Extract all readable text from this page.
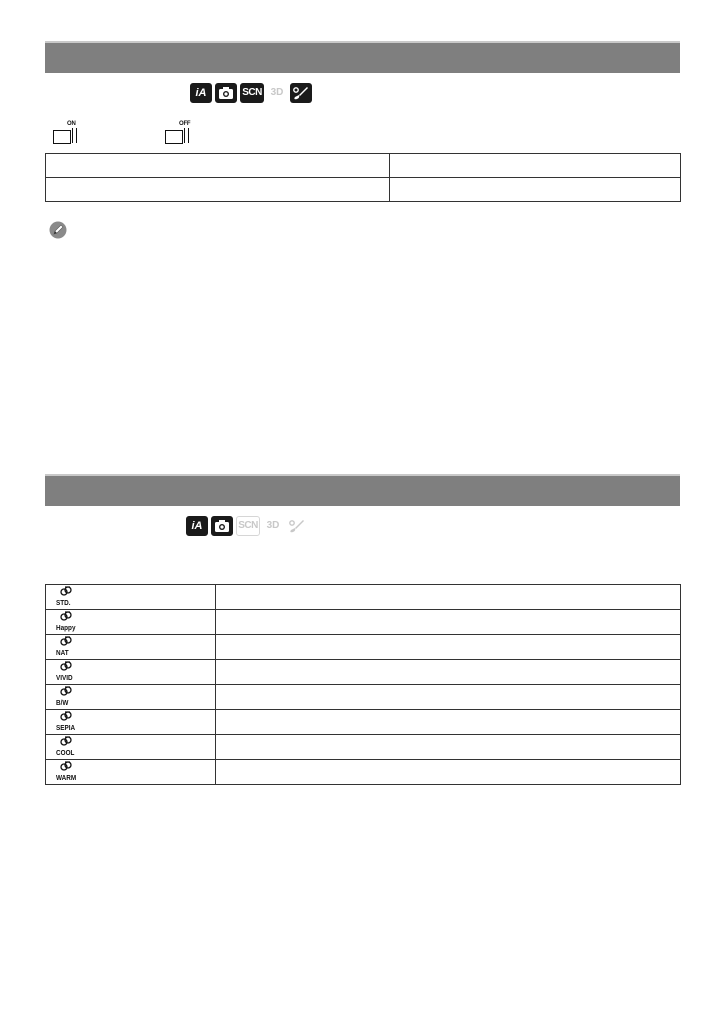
iA	SCN 3D
ON	OFF

iA	SCN 3D
STD.	

Happy	

NAT	

VIVID	

B/W	

SEPIA	

COOL	

WARM	
